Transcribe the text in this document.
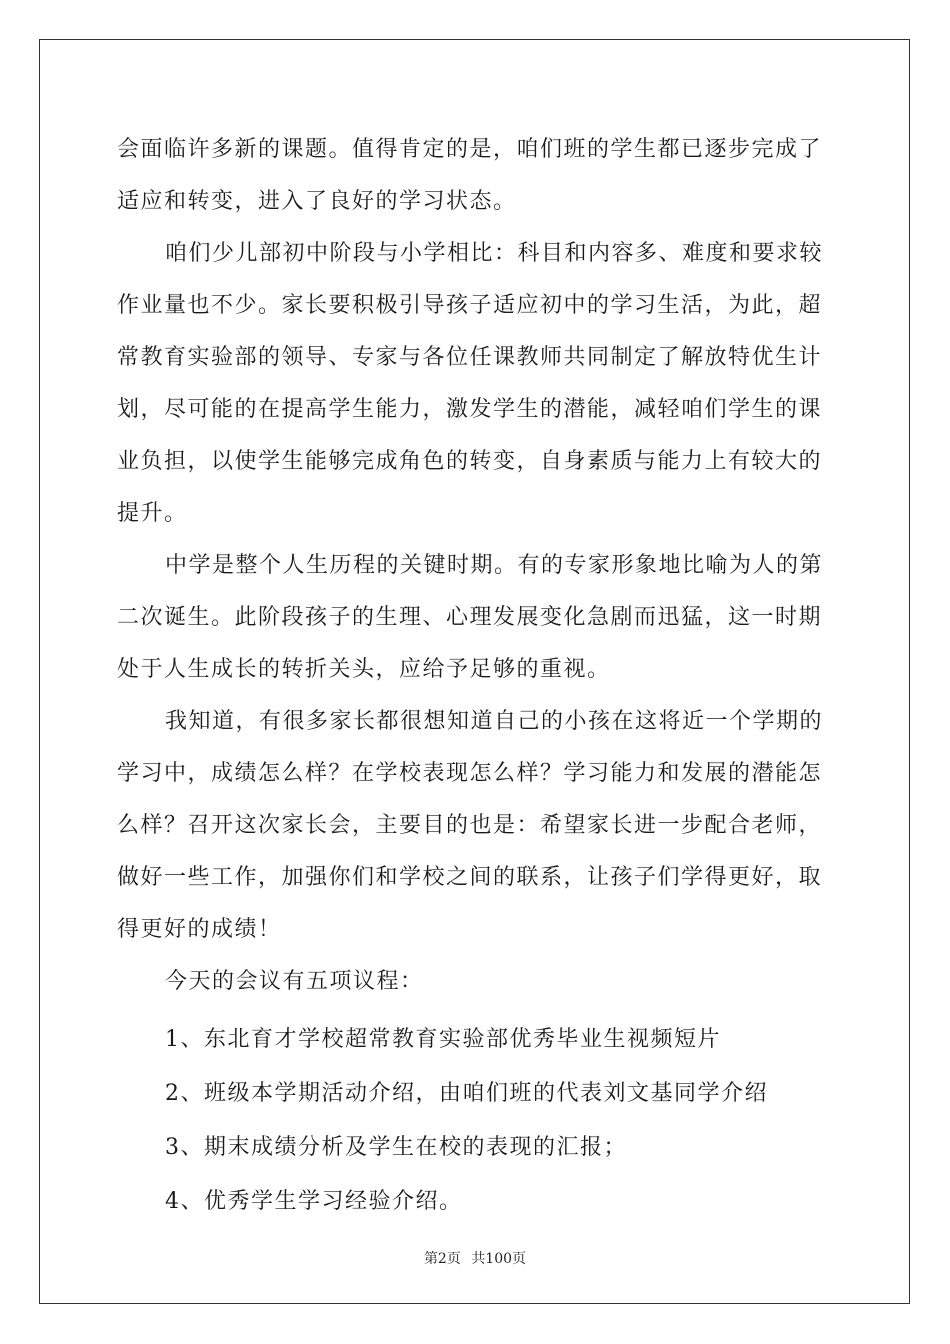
会面临许多新的课题。值得肯定的是，咱们班的学生都已逐步完成了
适应和转变，进入了良好的学习状态。
咱们少儿部初中阶段与小学相比：科目和内容多、难度和要求较
作业量也不少。家长要积极引导孩子适应初中的学习生活，为此，超
常教育实验部的领导、专家与各位任课教师共同制定了解放特优生计
划，尽可能的在提高学生能力，激发学生的潜能，减轻咱们学生的课
业负担，以使学生能够完成角色的转变，自身素质与能力上有较大的
提升。
中学是整个人生历程的关键时期。有的专家形象地比喻为人的第
二次诞生。此阶段孩子的生理、心理发展变化急剧而迅猛，这一时期
处于人生成长的转折关头，应给予足够的重视。
我知道，有很多家长都很想知道自己的小孩在这将近一个学期的
学习中，成绩怎么样？在学校表现怎么样？学习能力和发展的潜能怎
么样？召开这次家长会，主要目的也是：希望家长进一步配合老师，
做好一些工作，加强你们和学校之间的联系，让孩子们学得更好，取
得更好的成绩！
今天的会议有五项议程：
1、东北育才学校超常教育实验部优秀毕业生视频短片
2、班级本学期活动介绍，由咱们班的代表刘文基同学介绍
3、期末成绩分析及学生在校的表现的汇报；
4、优秀学生学习经验介绍。
第2页 共100页
